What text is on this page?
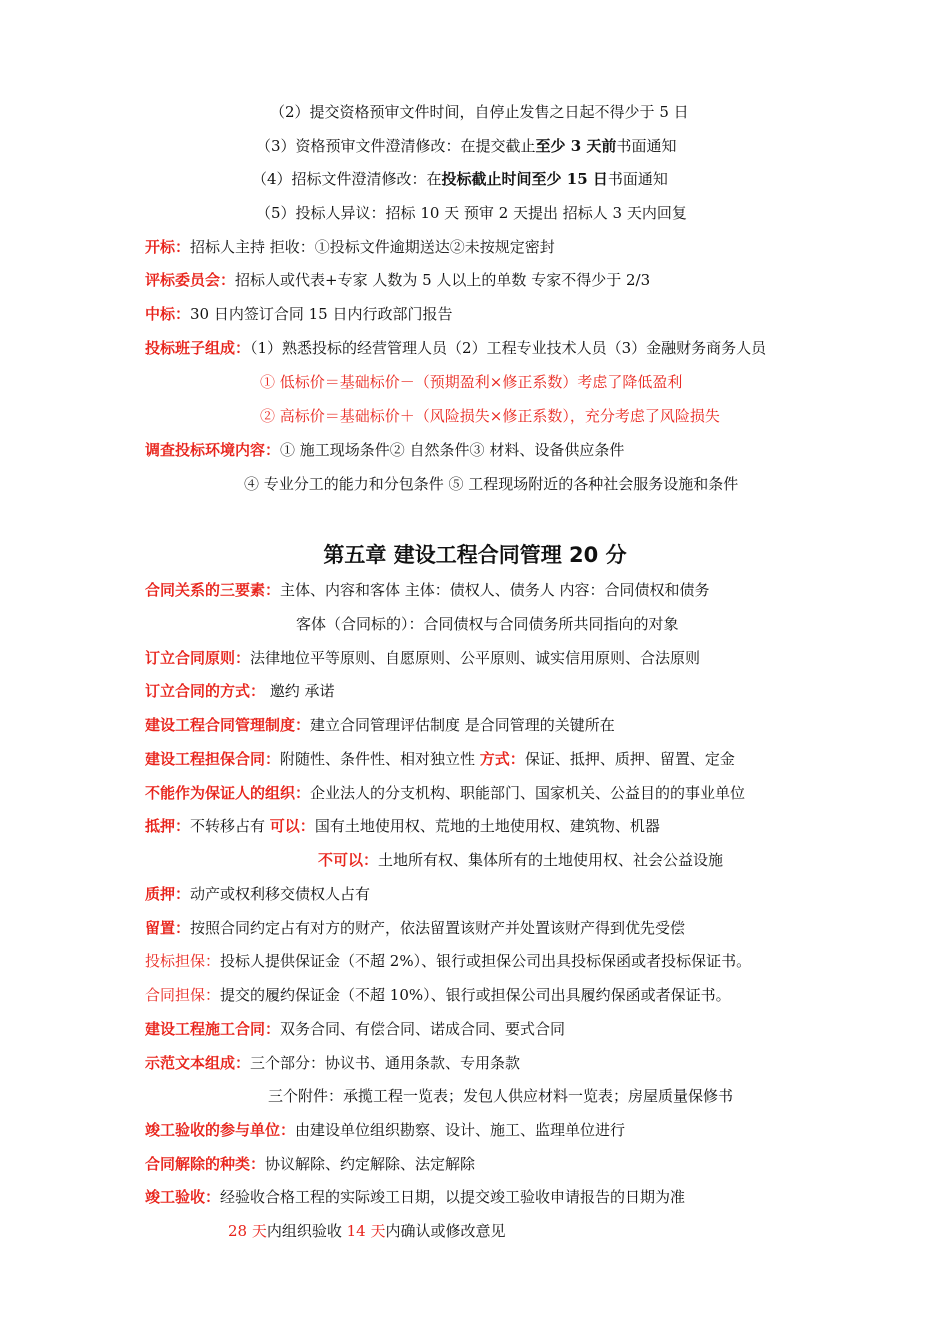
（2）提交资格预审文件时间，自停止发售之日起不得少于 5 日
（3）资格预审文件澄清修改：在提交截止至少 3 天前书面通知
（4）招标文件澄清修改：在投标截止时间至少 15 日书面通知
（5）投标人异议：招标 10 天 预审 2 天提出 招标人 3 天内回复
开标：招标人主持 拒收：①投标文件逾期送达②未按规定密封
评标委员会：招标人或代表+专家 人数为 5 人以上的单数 专家不得少于 2/3
中标：30 日内签订合同 15 日内行政部门报告
投标班子组成：（1）熟悉投标的经营管理人员（2）工程专业技术人员（3）金融财务商务人员
① 低标价＝基础标价－（预期盈利×修正系数）考虑了降低盈利
② 高标价＝基础标价＋（风险损失×修正系数），充分考虑了风险损失
调查投标环境内容：① 施工现场条件② 自然条件③ 材料、设备供应条件
④ 专业分工的能力和分包条件 ⑤ 工程现场附近的各种社会服务设施和条件
第五章 建设工程合同管理 20 分
合同关系的三要素：主体、内容和客体 主体：债权人、债务人 内容：合同债权和债务
客体（合同标的）：合同债权与合同债务所共同指向的对象
订立合同原则：法律地位平等原则、自愿原则、公平原则、诚实信用原则、合法原则
订立合同的方式： 邀约 承诺
建设工程合同管理制度：建立合同管理评估制度 是合同管理的关键所在
建设工程担保合同：附随性、条件性、相对独立性 方式：保证、抵押、质押、留置、定金
不能作为保证人的组织：企业法人的分支机构、职能部门、国家机关、公益目的的事业单位
抵押：不转移占有 可以：国有土地使用权、荒地的土地使用权、建筑物、机器
不可以：土地所有权、集体所有的土地使用权、社会公益设施
质押：动产或权利移交债权人占有
留置：按照合同约定占有对方的财产，依法留置该财产并处置该财产得到优先受偿
投标担保：投标人提供保证金（不超 2%）、银行或担保公司出具投标保函或者投标保证书。
合同担保：提交的履约保证金（不超 10%）、银行或担保公司出具履约保函或者保证书。
建设工程施工合同：双务合同、有偿合同、诺成合同、要式合同
示范文本组成：三个部分：协议书、通用条款、专用条款
三个附件：承揽工程一览表；发包人供应材料一览表；房屋质量保修书
竣工验收的参与单位：由建设单位组织勘察、设计、施工、监理单位进行
合同解除的种类：协议解除、约定解除、法定解除
竣工验收：经验收合格工程的实际竣工日期，以提交竣工验收申请报告的日期为准
28 天内组织验收 14 天内确认或修改意见
